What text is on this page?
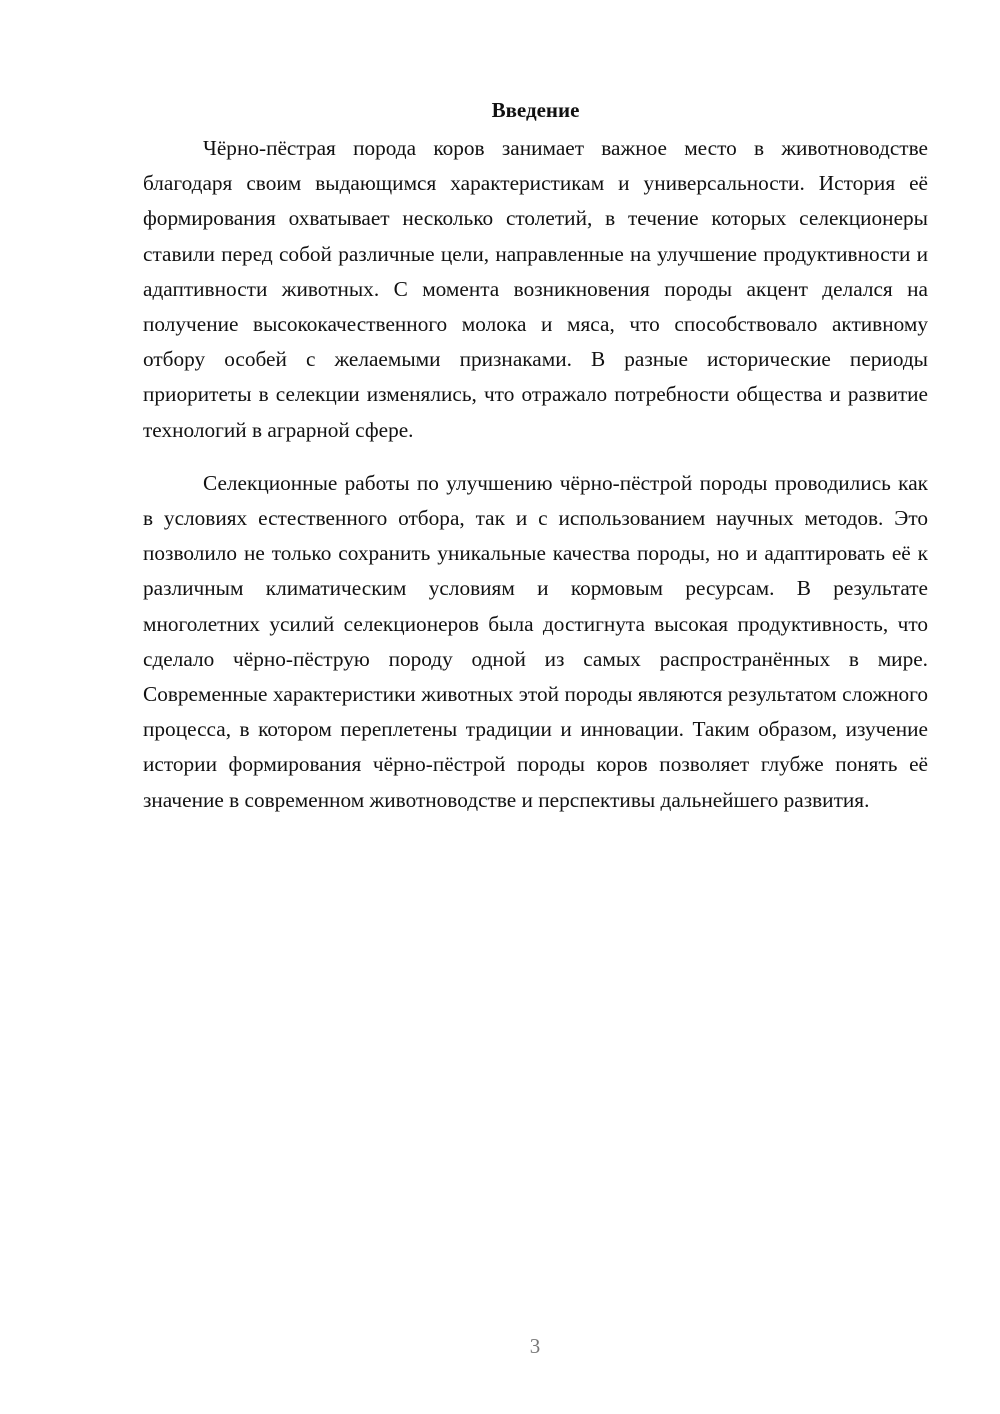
Введение

Чёрно-пёстрая порода коров занимает важное место в животноводстве благодаря своим выдающимся характеристикам и универсальности. История её формирования охватывает несколько столетий, в течение которых селекционеры ставили перед собой различные цели, направленные на улучшение продуктивности и адаптивности животных. С момента возникновения породы акцент делался на получение высококачественного молока и мяса, что способствовало активному отбору особей с желаемыми признаками. В разные исторические периоды приоритеты в селекции изменялись, что отражало потребности общества и развитие технологий в аграрной сфере.

Селекционные работы по улучшению чёрно-пёстрой породы проводились как в условиях естественного отбора, так и с использованием научных методов. Это позволило не только сохранить уникальные качества породы, но и адаптировать её к различным климатическим условиям и кормовым ресурсам. В результате многолетних усилий селекционеров была достигнута высокая продуктивность, что сделало чёрно-пёструю породу одной из самых распространённых в мире. Современные характеристики животных этой породы являются результатом сложного процесса, в котором переплетены традиции и инновации. Таким образом, изучение истории формирования чёрно-пёстрой породы коров позволяет глубже понять её значение в современном животноводстве и перспективы дальнейшего развития.

3
